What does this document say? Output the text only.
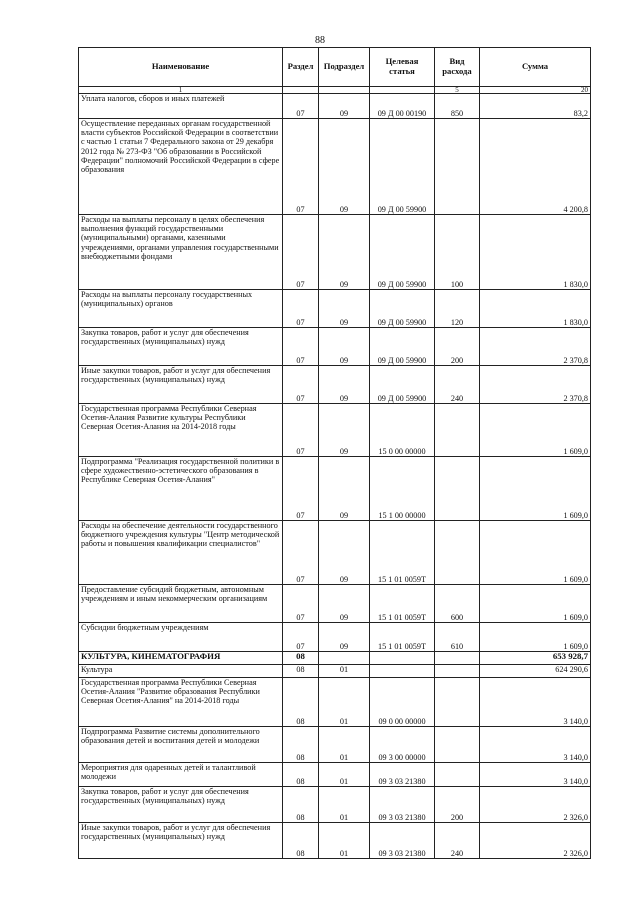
88
Наименование	Раздел	Подраздел	Целевая статья	Вид расхода	Сумма
1				5	20

Уплата налогов, сборов и иных платежей	07	09	09 Д 00 00190	850	83,2

Осуществление переданных органам государственной власти субъектов Российской Федерации в соответствии с частью 1 статьи 7 Федерального закона от 29 декабря 2012 года № 273-ФЗ "Об образовании в Российской Федерации" полномочий Российской Федерации в сфере образования	07	09	09 Д 00 59900		4 200,8

Расходы на выплаты персоналу в целях обеспечения выполнения функций государственными (муниципальными) органами, казенными учреждениями, органами управления государственными внебюджетными фондами	07	09	09 Д 00 59900	100	1 830,0

Расходы на выплаты персоналу государственных (муниципальных) органов	07	09	09 Д 00 59900	120	1 830,0

Закупка товаров, работ и услуг для обеспечения государственных (муниципальных) нужд	07	09	09 Д 00 59900	200	2 370,8

Иные закупки товаров, работ и услуг для обеспечения государственных (муниципальных) нужд	07	09	09 Д 00 59900	240	2 370,8

Государственная программа Республики Северная Осетия-Алания Развитие культуры Республики Северная Осетия-Алания на 2014-2018 годы	07	09	15 0 00 00000		1 609,0

Подпрограмма "Реализация государственной политики в сфере художественно-эстетического образования в Республике Северная Осетия-Алания"	07	09	15 1 00 00000		1 609,0

Расходы на обеспечение деятельности государственного бюджетного учреждения культуры "Центр методической работы и повышения квалификации специалистов"	07	09	15 1 01 0059Т		1 609,0

Предоставление субсидий бюджетным, автономным учреждениям и иным некоммерческим организациям	07	09	15 1 01 0059Т	600	1 609,0

Субсидии бюджетным учреждениям	07	09	15 1 01 0059Т	610	1 609,0

КУЛЬТУРА, КИНЕМАТОГРАФИЯ	08				653 928,7

Культура	08	01			624 290,6

Государственная программа Республики Северная Осетия-Алания "Развитие образования Республики Северная Осетия-Алания" на 2014-2018 годы	08	01	09 0 00 00000		3 140,0

Подпрограмма Развитие системы дополнительного образования детей и воспитания детей и молодежи	08	01	09 3 00 00000		3 140,0

Мероприятия для одаренных детей и талантливой молодежи	08	01	09 3 03 21380		3 140,0

Закупка товаров, работ и услуг для обеспечения государственных (муниципальных) нужд	08	01	09 3 03 21380	200	2 326,0

Иные закупки товаров, работ и услуг для обеспечения государственных (муниципальных) нужд	08	01	09 3 03 21380	240	2 326,0
